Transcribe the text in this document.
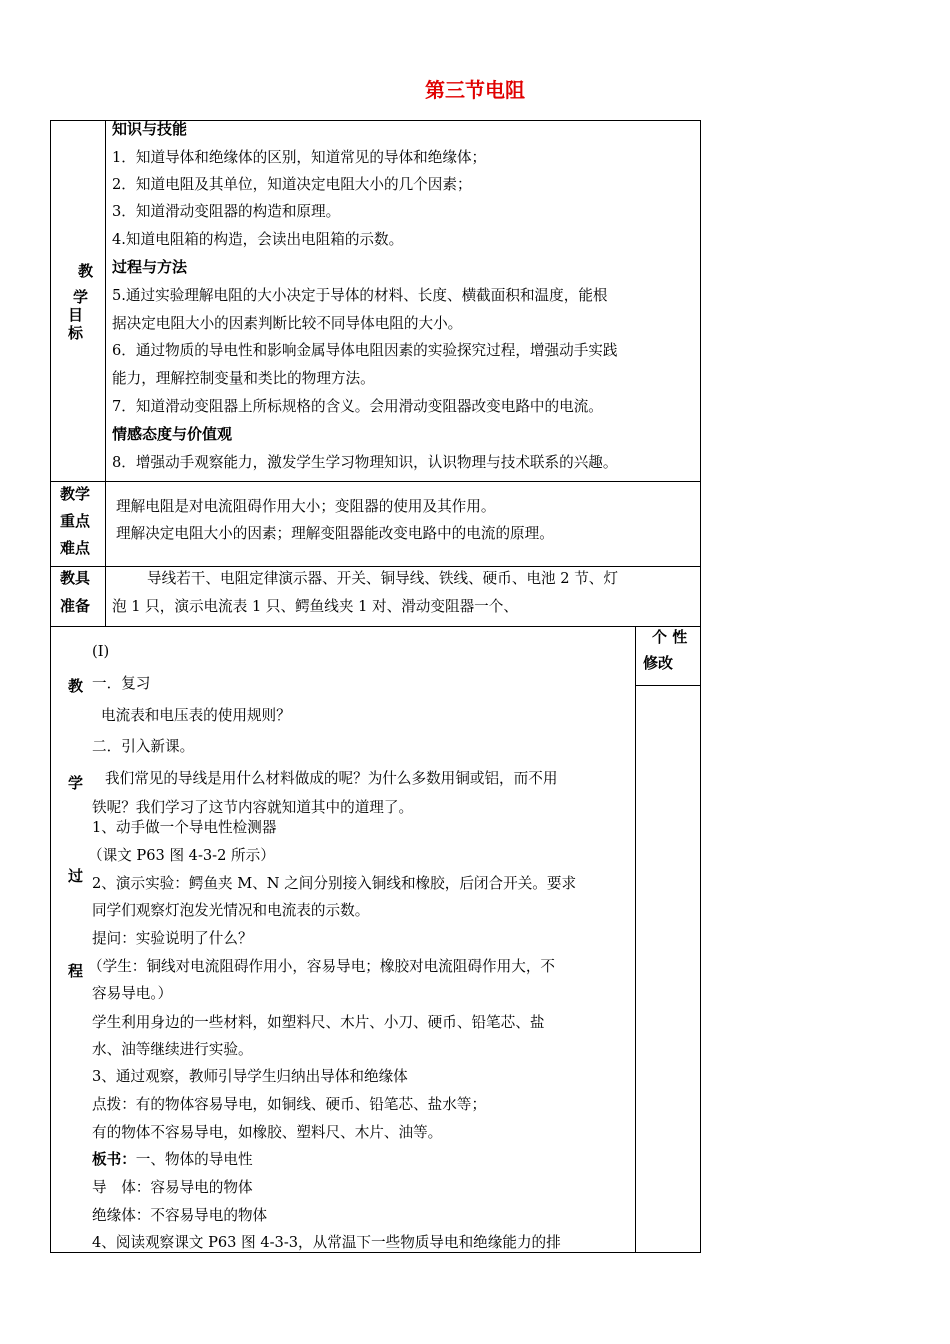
第三节电阻
教
学
目
标
知识与技能
1．知道导体和绝缘体的区别，知道常见的导体和绝缘体；
2．知道电阻及其单位，知道决定电阻大小的几个因素；
3．知道滑动变阻器的构造和原理。
4.知道电阻箱的构造，会读出电阻箱的示数。
过程与方法
5.通过实验理解电阻的大小决定于导体的材料、长度、横截面积和温度，能根
据决定电阻大小的因素判断比较不同导体电阻的大小。
6．通过物质的导电性和影响金属导体电阻因素的实验探究过程，增强动手实践
能力，理解控制变量和类比的物理方法。
7．知道滑动变阻器上所标规格的含义。会用滑动变阻器改变电路中的电流。
情感态度与价值观
8．增强动手观察能力，激发学生学习物理知识，认识物理与技术联系的兴趣。
教学
重点
难点
理解电阻是对电流阻碍作用大小；变阻器的使用及其作用。
理解决定电阻大小的因素；理解变阻器能改变电路中的电流的原理。
教具
准备
导线若干、电阻定律演示器、开关、铜导线、铁线、硬币、电池 2 节、灯
泡 1 只，演示电流表 1 只、鳄鱼线夹 1 对、滑动变阻器一个、
个 性
修改
教
学
过
程
(I)
一．复习
电流表和电压表的使用规则？
二．引入新课。
我们常见的导线是用什么材料做成的呢？为什么多数用铜或铝，而不用
铁呢？我们学习了这节内容就知道其中的道理了。
1、动手做一个导电性检测器
（课文 P63 图 4-3-2 所示）
2、演示实验：鳄鱼夹 M、N 之间分别接入铜线和橡胶，后闭合开关。要求
同学们观察灯泡发光情况和电流表的示数。
提问：实验说明了什么？
（学生：铜线对电流阻碍作用小，容易导电；橡胶对电流阻碍作用大，不
容易导电。）
学生利用身边的一些材料，如塑料尺、木片、小刀、硬币、铅笔芯、盐
水、油等继续进行实验。
3、通过观察，教师引导学生归纳出导体和绝缘体
点拨：有的物体容易导电，如铜线、硬币、铅笔芯、盐水等；
有的物体不容易导电，如橡胶、塑料尺、木片、油等。
板书：一、物体的导电性
导　体：容易导电的物体
绝缘体：不容易导电的物体
4、阅读观察课文 P63 图 4-3-3，从常温下一些物质导电和绝缘能力的排
